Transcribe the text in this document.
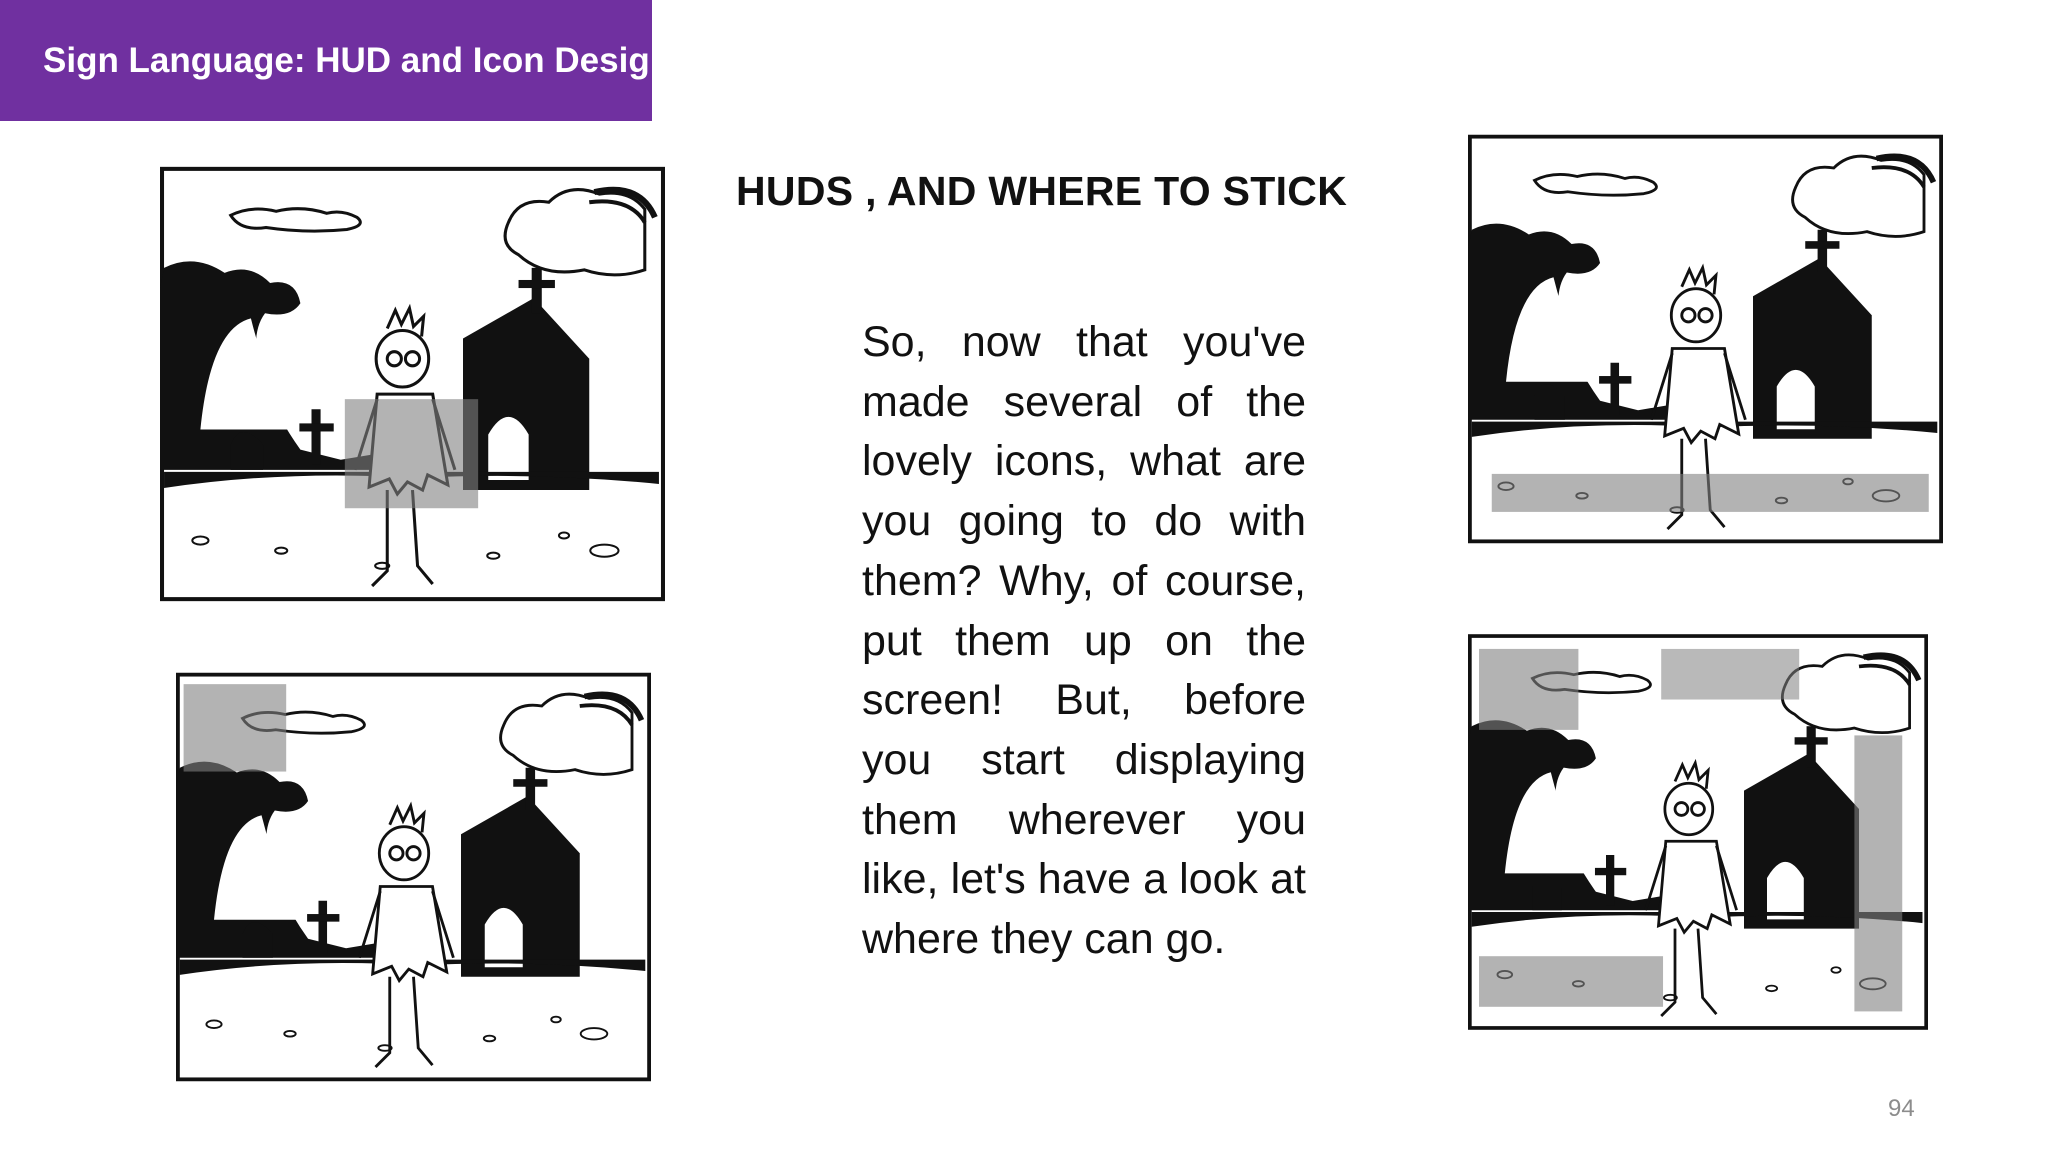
Sign Language: HUD and Icon Design
HUDS , AND WHERE TO STICK
So, now that you've made several of the lovely icons, what are you going to do with them? Why, of course, put them up on the screen! But, before you start displaying them wherever you like, let's have a look at where they can go.
94
